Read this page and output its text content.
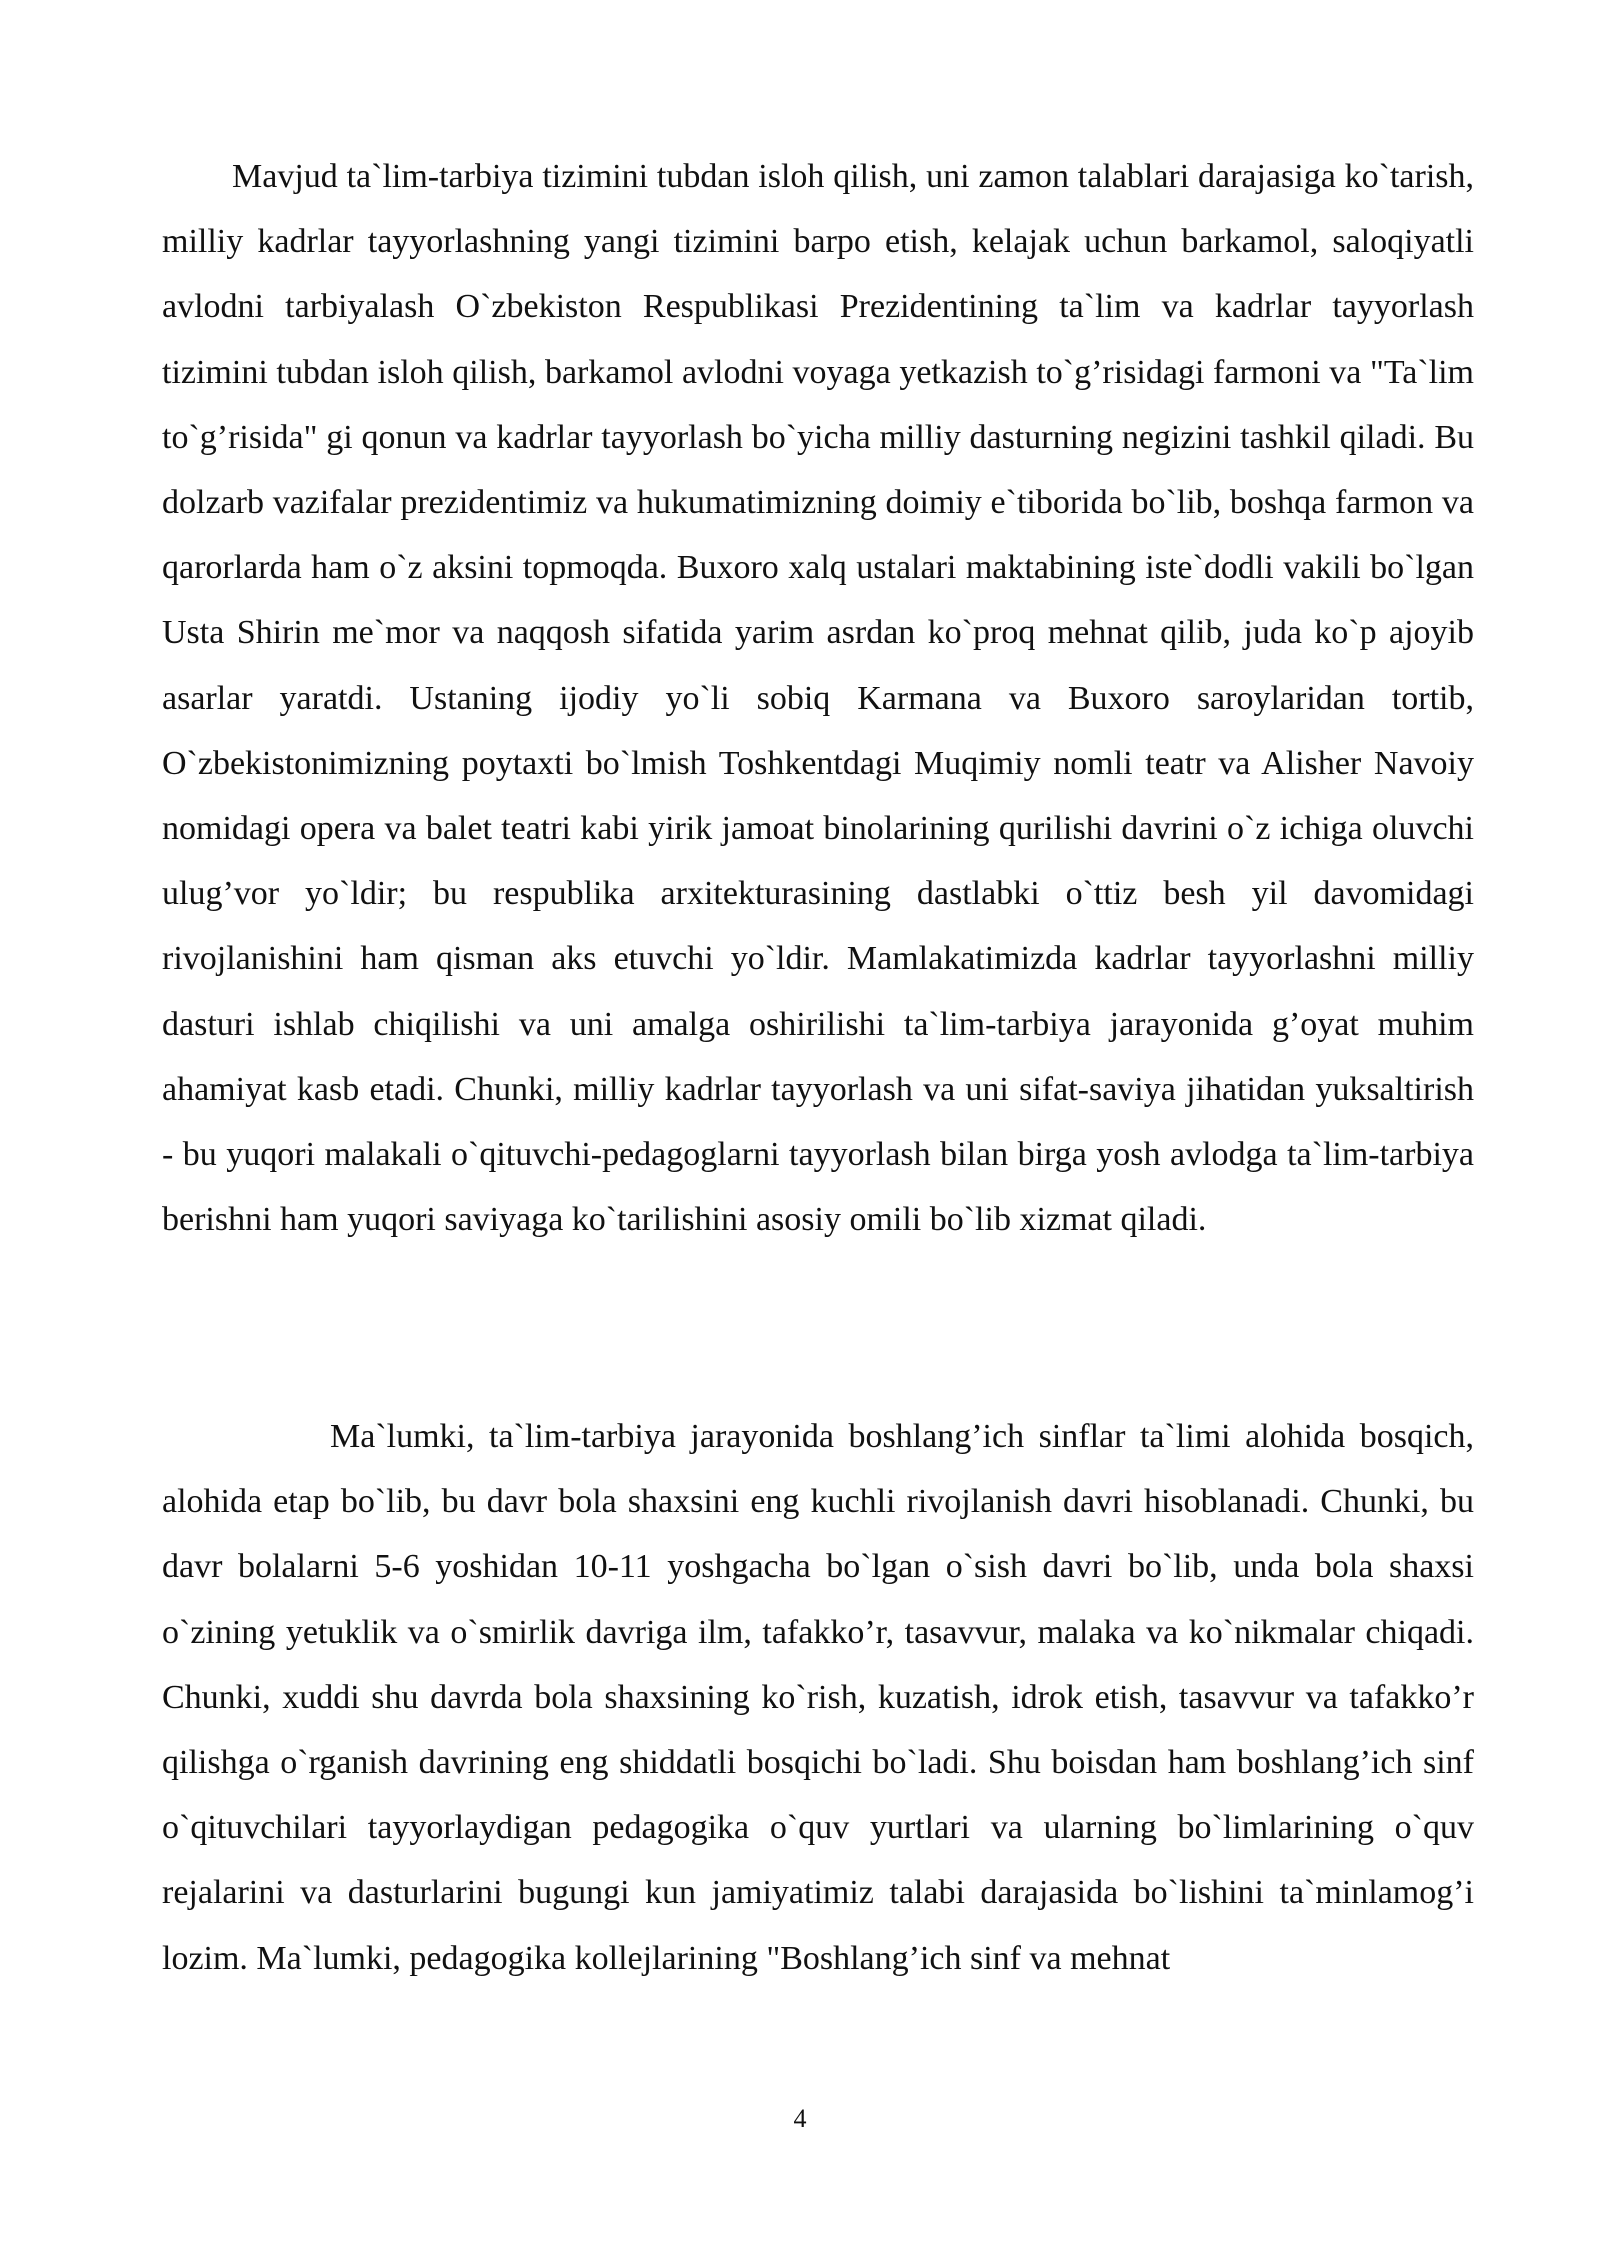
Mavjud ta`lim-tarbiya tizimini tubdan isloh qilish, uni zamon talablari darajasiga ko`tarish, milliy kadrlar tayyorlashning yangi tizimini barpo etish, kelajak uchun barkamol, saloqiyatli avlodni tarbiyalash O`zbekiston Respublikasi Prezidentining ta`lim va kadrlar tayyorlash tizimini tubdan isloh qilish, barkamol avlodni voyaga yetkazish to`g’risidagi farmoni va "Ta`lim to`g’risida" gi qonun va kadrlar tayyorlash bo`yicha milliy dasturning negizini tashkil qiladi. Bu dolzarb vazifalar prezidentimiz va hukumatimizning doimiy e`tiborida bo`lib, boshqa farmon va qarorlarda ham o`z aksini topmoqda. Buxoro xalq ustalari maktabining iste`dodli vakili bo`lgan Usta Shirin me`mor va naqqosh sifatida yarim asrdan ko`proq mehnat qilib, juda ko`p ajoyib asarlar yaratdi. Ustaning ijodiy yo`li sobiq Karmana va Buxoro saroylaridan tortib, O`zbekistonimizning poytaxti bo`lmish Toshkentdagi Muqimiy nomli teatr va Alisher Navoiy nomidagi opera va balet teatri kabi yirik jamoat binolarining qurilishi davrini o`z ichiga oluvchi ulug’vor yo`ldir; bu respublika arxitekturasining dastlabki o`ttiz besh yil davomidagi rivojlanishini ham qisman aks etuvchi yo`ldir. Mamlakatimizda kadrlar tayyorlashni milliy dasturi ishlab chiqilishi va uni amalga oshirilishi ta`lim-tarbiya jarayonida g’oyat muhim ahamiyat kasb etadi. Chunki, milliy kadrlar tayyorlash va uni sifat-saviya jihatidan yuksaltirish - bu yuqori malakali o`qituvchi-pedagoglarni tayyorlash bilan birga yosh avlodga ta`lim-tarbiya berishni ham yuqori saviyaga ko`tarilishini asosiy omili bo`lib xizmat qiladi.

Ma`lumki, ta`lim-tarbiya jarayonida boshlang’ich sinflar ta`limi alohida bosqich, alohida etap bo`lib, bu davr bola shaxsini eng kuchli rivojlanish davri hisoblanadi. Chunki, bu davr bolalarni 5-6 yoshidan 10-11 yoshgacha bo`lgan o`sish davri bo`lib, unda bola shaxsi o`zining yetuklik va o`smirlik davriga ilm, tafakko’r, tasavvur, malaka va ko`nikmalar chiqadi. Chunki, xuddi shu davrda bola shaxsining ko`rish, kuzatish, idrok etish, tasavvur va tafakko’r qilishga o`rganish davrining eng shiddatli bosqichi bo`ladi. Shu boisdan ham boshlang’ich sinf o`qituvchilari tayyorlaydigan pedagogika o`quv yurtlari va ularning bo`limlarining o`quv rejalarini va dasturlarini bugungi kun jamiyatimiz talabi darajasida bo`lishini ta`minlamog’i lozim. Ma`lumki, pedagogika kollejlarining "Boshlang’ich sinf va mehnat

4
